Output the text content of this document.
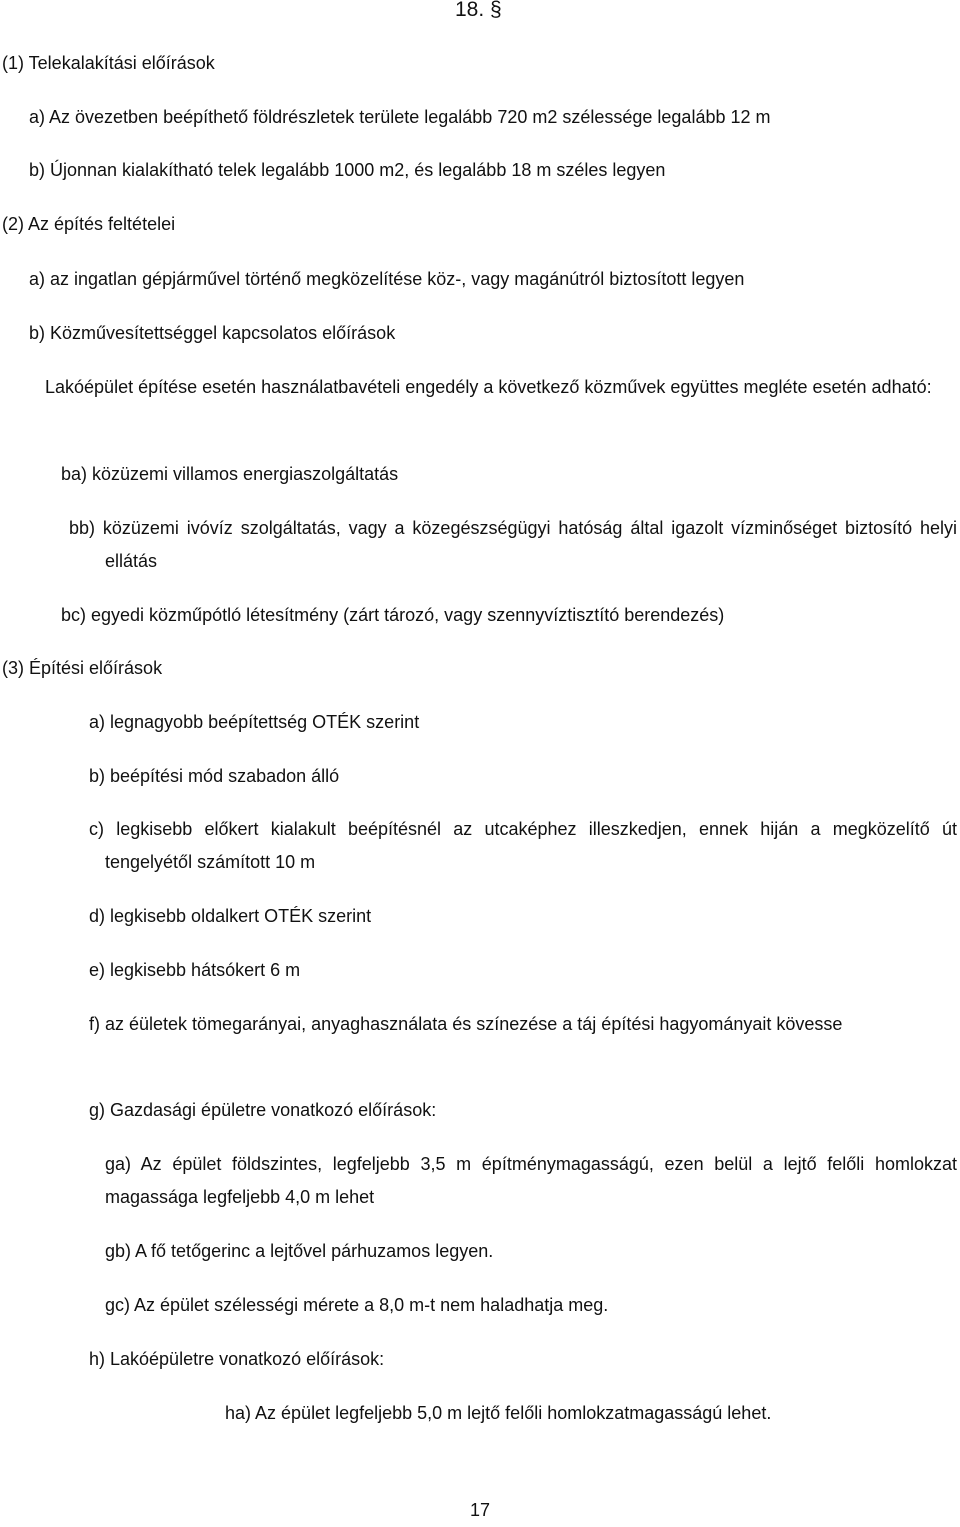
18. §
(1) Telekalakítási előírások
a) Az övezetben beépíthető földrészletek területe legalább 720 m2 szélessége legalább 12 m
b) Újonnan kialakítható telek legalább 1000 m2, és legalább 18 m széles legyen
(2) Az építés feltételei
a) az ingatlan gépjárművel történő megközelítése köz-, vagy magánútról biztosított legyen
b) Közművesítettséggel kapcsolatos előírások
Lakóépület építése esetén használatbavételi engedély a következő közművek együttes megléte esetén adható:
ba) közüzemi villamos energiaszolgáltatás
bb) közüzemi ivóvíz szolgáltatás, vagy a közegészségügyi hatóság által igazolt vízminőséget biztosító helyi ellátás
bc) egyedi közműpótló létesítmény (zárt tározó, vagy szennyvíztisztító berendezés)
(3) Építési előírások
a) legnagyobb beépítettség OTÉK szerint
b) beépítési mód szabadon álló
c) legkisebb előkert kialakult beépítésnél az utcaképhez illeszkedjen, ennek hiján a megközelítő út tengelyétől számított 10 m
d) legkisebb oldalkert OTÉK szerint
e) legkisebb hátsókert 6 m
f) az éületek tömegarányai, anyaghasználata és színezése a táj építési hagyományait kövesse
g) Gazdasági épületre vonatkozó előírások:
ga) Az épület földszintes, legfeljebb 3,5 m építménymagasságú, ezen belül a lejtő felőli homlokzat magassága legfeljebb 4,0 m lehet
gb) A fő tetőgerinc a lejtővel párhuzamos legyen.
gc) Az épület szélességi mérete a 8,0 m-t nem haladhatja meg.
h) Lakóépületre vonatkozó előírások:
ha) Az épület legfeljebb 5,0 m lejtő felőli homlokzatmagasságú lehet.
17
